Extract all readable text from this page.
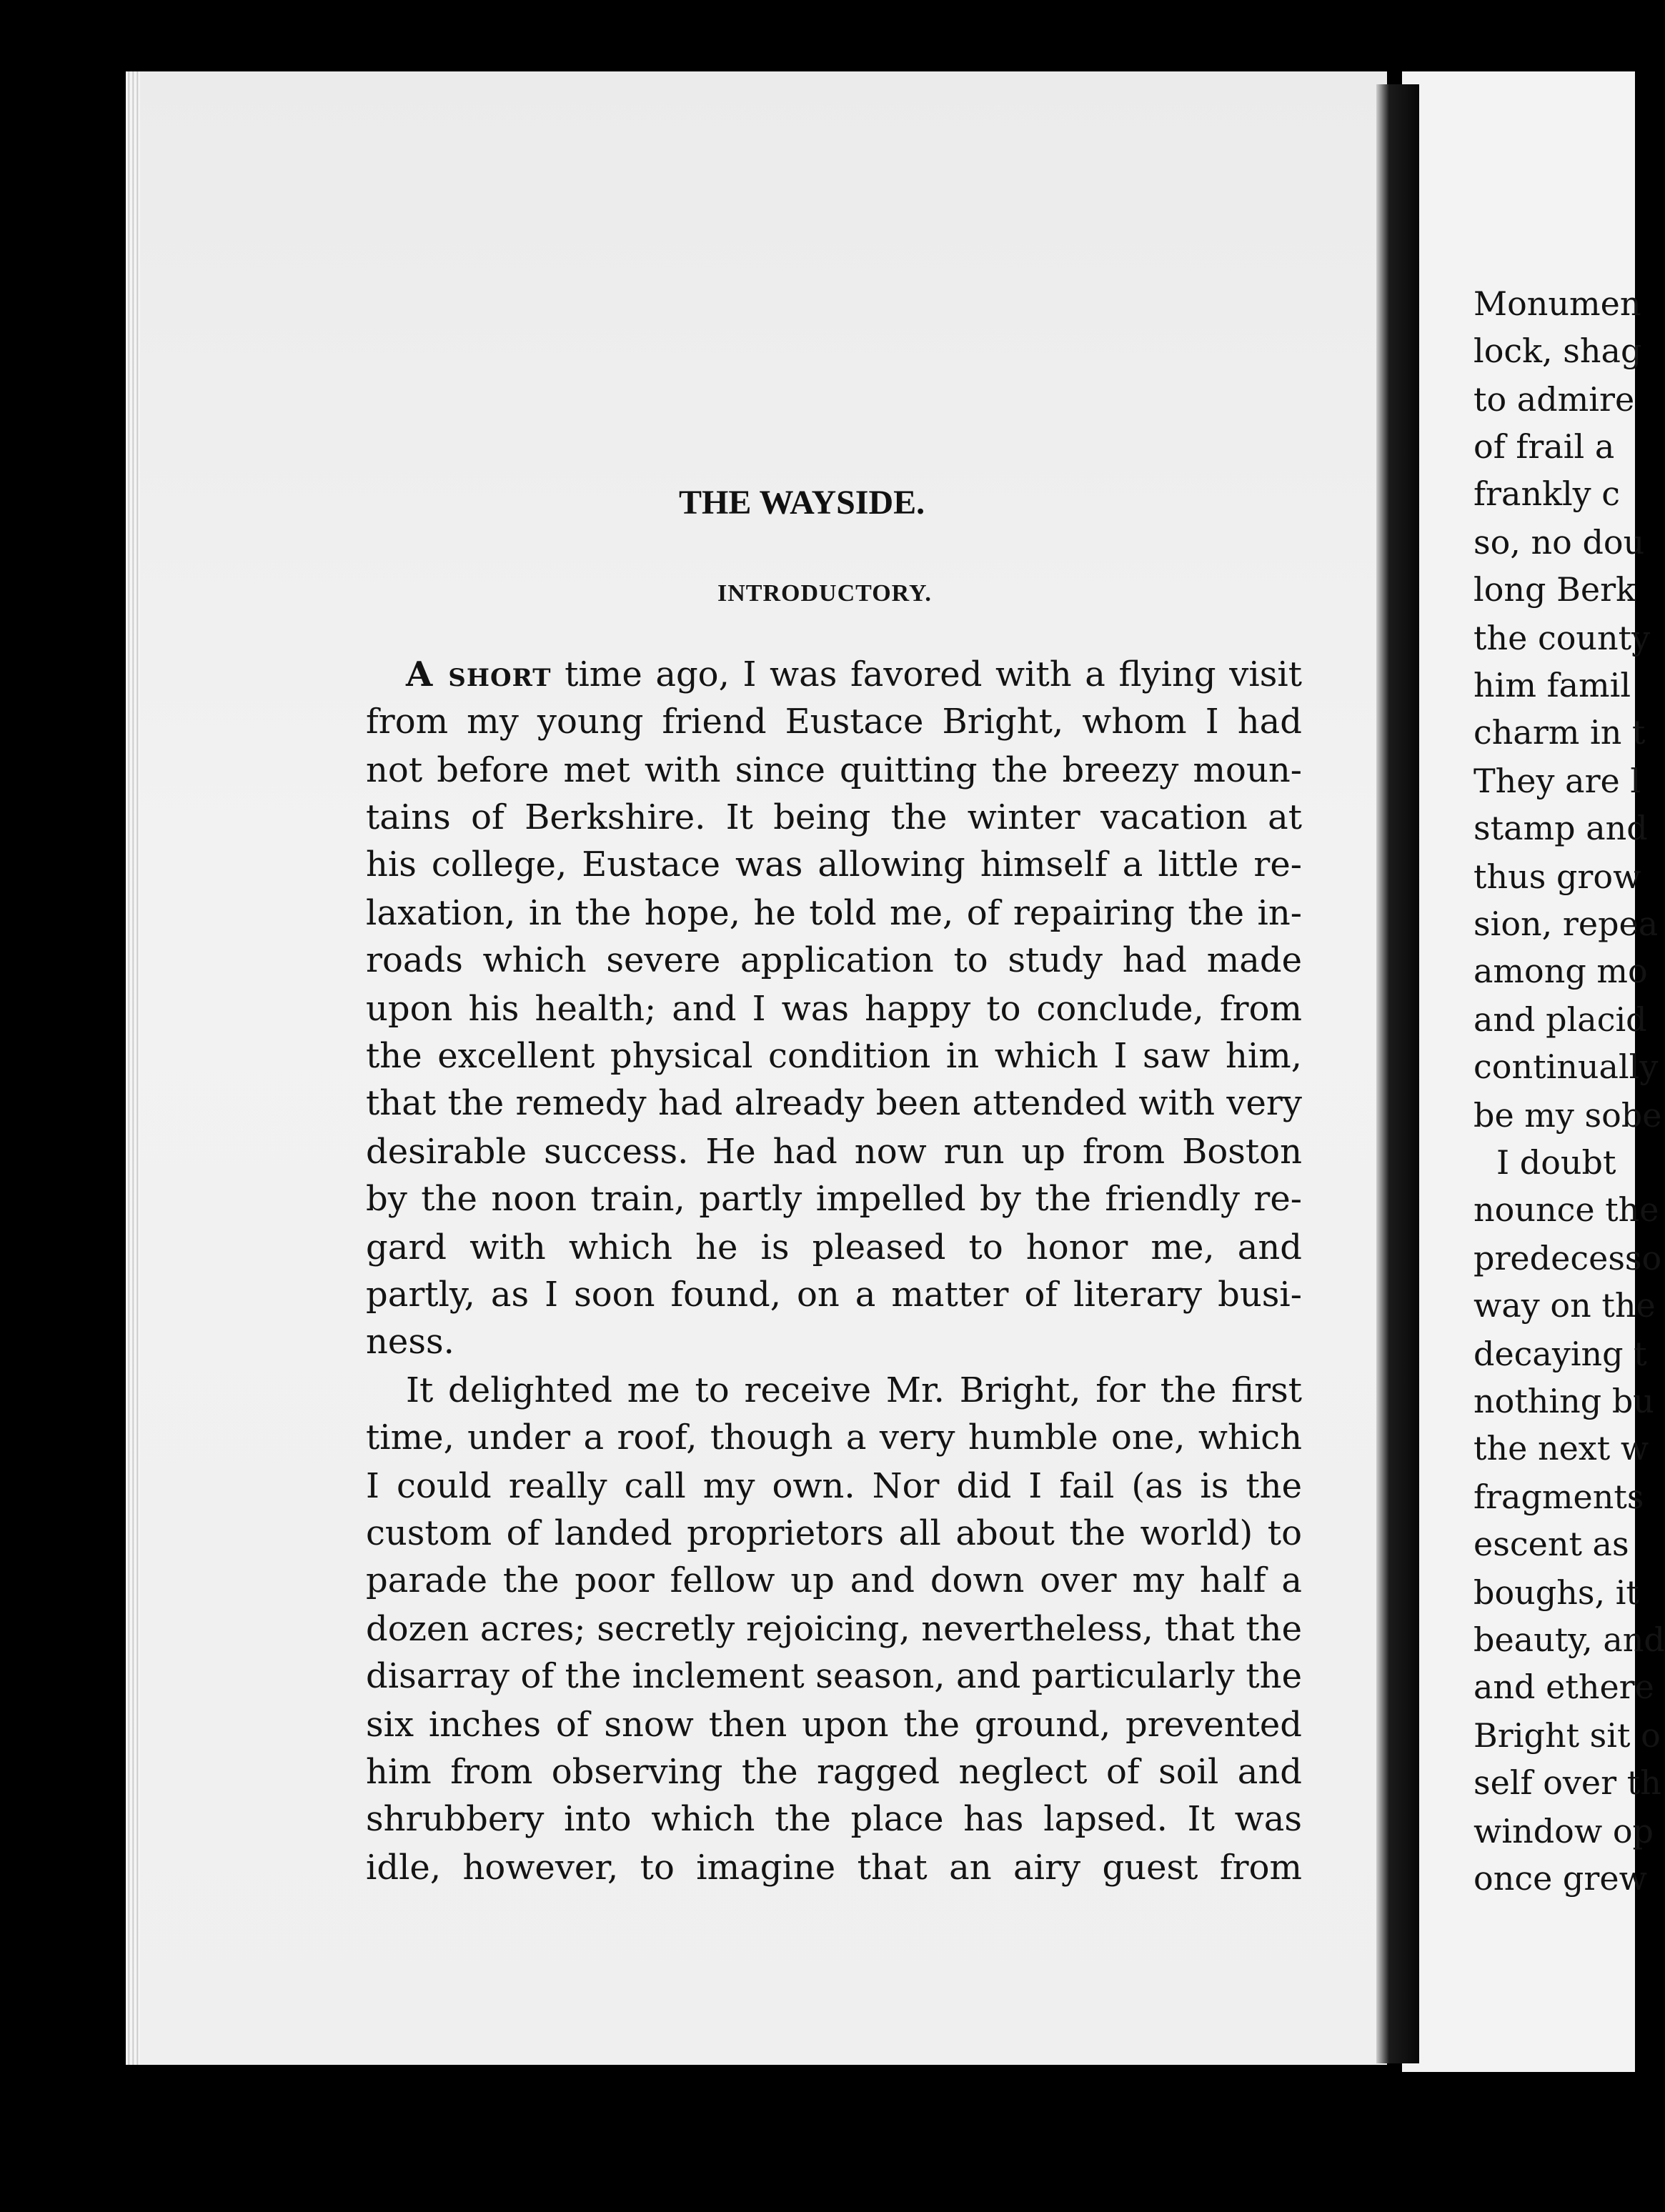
THE WAYSIDE.
INTRODUCTORY.
A short time ago, I was favored with a flying visit
from my young friend Eustace Bright, whom I had
not before met with since quitting the breezy moun-
tains of Berkshire. It being the winter vacation at
his college, Eustace was allowing himself a little re-
laxation, in the hope, he told me, of repairing the in-
roads which severe application to study had made
upon his health; and I was happy to conclude, from
the excellent physical condition in which I saw him,
that the remedy had already been attended with very
desirable success. He had now run up from Boston
by the noon train, partly impelled by the friendly re-
gard with which he is pleased to honor me, and
partly, as I soon found, on a matter of literary busi-
ness.
It delighted me to receive Mr. Bright, for the first
time, under a roof, though a very humble one, which
I could really call my own. Nor did I fail (as is the
custom of landed proprietors all about the world) to
parade the poor fellow up and down over my half a
dozen acres; secretly rejoicing, nevertheless, that the
disarray of the inclement season, and particularly the
six inches of snow then upon the ground, prevented
him from observing the ragged neglect of soil and
shrubbery into which the place has lapsed. It was
idle, however, to imagine that an airy guest from
Monumen
lock, shag
to admire
of frail a
frankly c
so, no dou
long Berk
the county
him famil
charm in t
They are l
stamp and
thus grow
sion, repea
among mo
and placid
continually
be my sobe
I doubt
nounce the
predecesso
way on the
decaying t
nothing bu
the next w
fragments
escent as
boughs, it
beauty, and
and ethere
Bright sit o
self over th
window op
once grew
